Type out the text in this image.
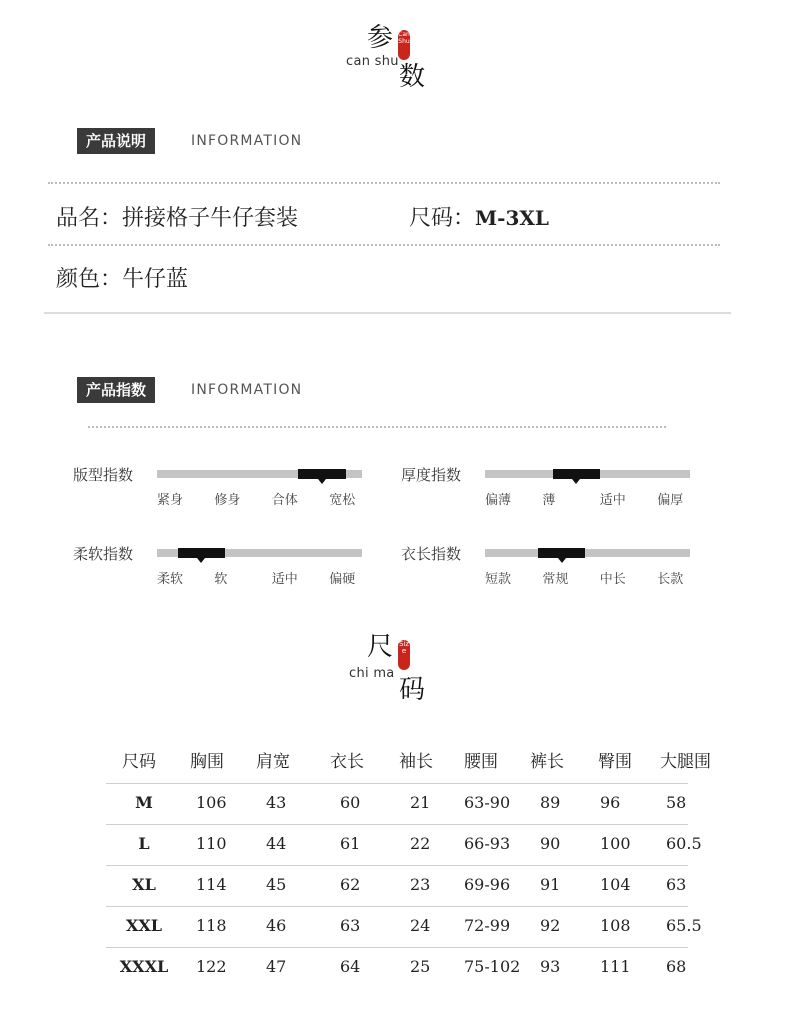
参 CanShu
can shu
数
产品说明	INFORMATION
品名：拼接格子牛仔套装	尺码：M-3XL
颜色：牛仔蓝
产品指数	INFORMATION
版型指数
紧身 修身 合体 宽松
厚度指数
偏薄 薄	适中 偏厚
柔软指数
柔软 软	适中 偏硬
衣长指数
短款 常规 中长 长款
尺 Size
chi ma
码
尺码 胸围 肩宽 衣长 袖长 腰围 裤长 臀围 大腿围
M	106 43	60	21 63-90 89 96	58
L	110 44	61	22 66-93 90 100 60.5
XL	114 45	62	23 69-96 91 104 63
XXL	118 46	63	24 72-99 92 108 65.5
XXXL	122 47	64	25 75-102 93 111 68
